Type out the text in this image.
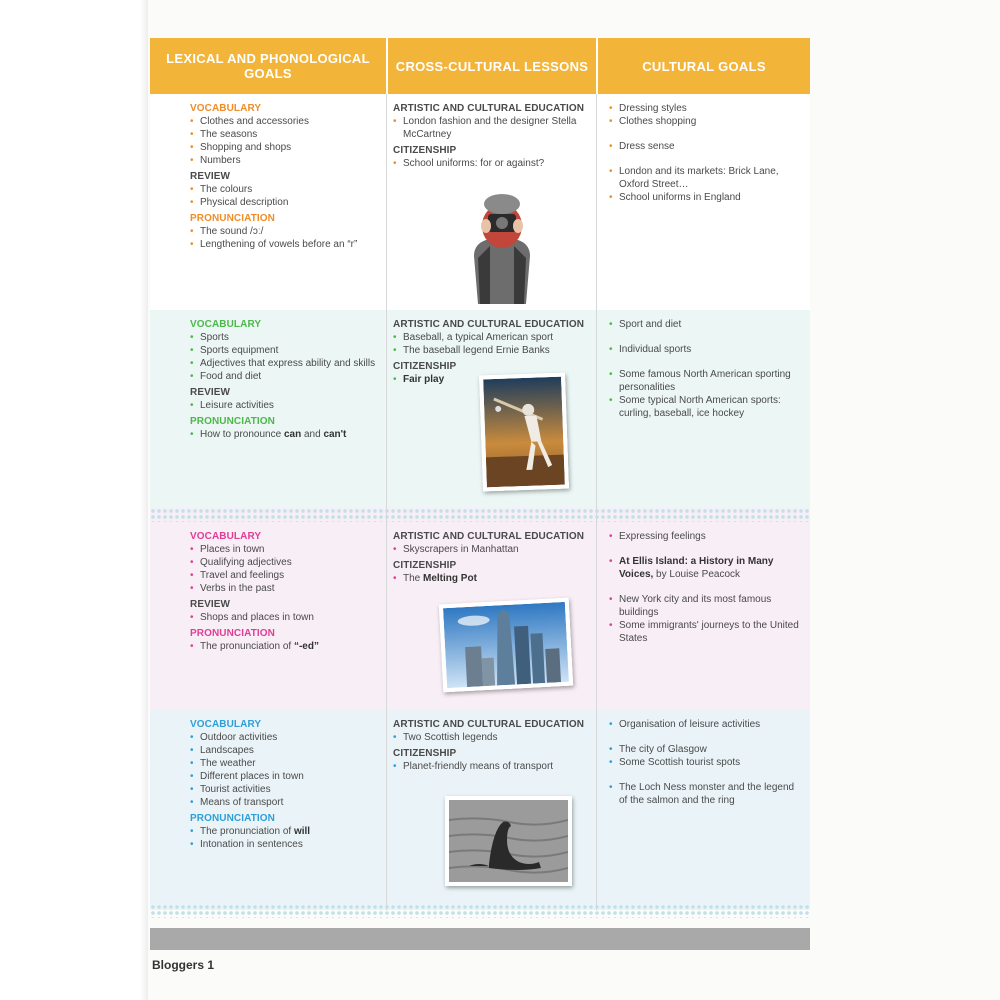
LEXICAL AND PHONOLOGICAL GOALS	CROSS-CULTURAL LESSONS	CULTURAL GOALS
VOCABULARY
• Clothes and accessories
• The seasons
• Shopping and shops
• Numbers
REVIEW
• The colours
• Physical description
PRONUNCIATION
• The sound /ɔː/
• Lengthening of vowels before an “r”
ARTISTIC AND CULTURAL EDUCATION
• London fashion and the designer Stella McCartney
CITIZENSHIP
• School uniforms: for or against?
• Dressing styles
• Clothes shopping
• Dress sense
• London and its markets: Brick Lane, Oxford Street…
• School uniforms in England
VOCABULARY
• Sports
• Sports equipment
• Adjectives that express ability and skills
• Food and diet
REVIEW
• Leisure activities
PRONUNCIATION
• How to pronounce can and can't
ARTISTIC AND CULTURAL EDUCATION
• Baseball, a typical American sport
• The baseball legend Ernie Banks
CITIZENSHIP
• Fair play
• Sport and diet
• Individual sports
• Some famous North American sporting personalities
• Some typical North American sports: curling, baseball, ice hockey
VOCABULARY
• Places in town
• Qualifying adjectives
• Travel and feelings
• Verbs in the past
REVIEW
• Shops and places in town
PRONUNCIATION
• The pronunciation of “-ed”
ARTISTIC AND CULTURAL EDUCATION
• Skyscrapers in Manhattan
CITIZENSHIP
• The Melting Pot
• Expressing feelings
• At Ellis Island: a History in Many Voices, by Louise Peacock
• New York city and its most famous buildings
• Some immigrants' journeys to the United States
VOCABULARY
• Outdoor activities
• Landscapes
• The weather
• Different places in town
• Tourist activities
• Means of transport
PRONUNCIATION
• The pronunciation of will
• Intonation in sentences
ARTISTIC AND CULTURAL EDUCATION
• Two Scottish legends
CITIZENSHIP
• Planet-friendly means of transport
• Organisation of leisure activities
• The city of Glasgow
• Some Scottish tourist spots
• The Loch Ness monster and the legend of the salmon and the ring
Bloggers 1
